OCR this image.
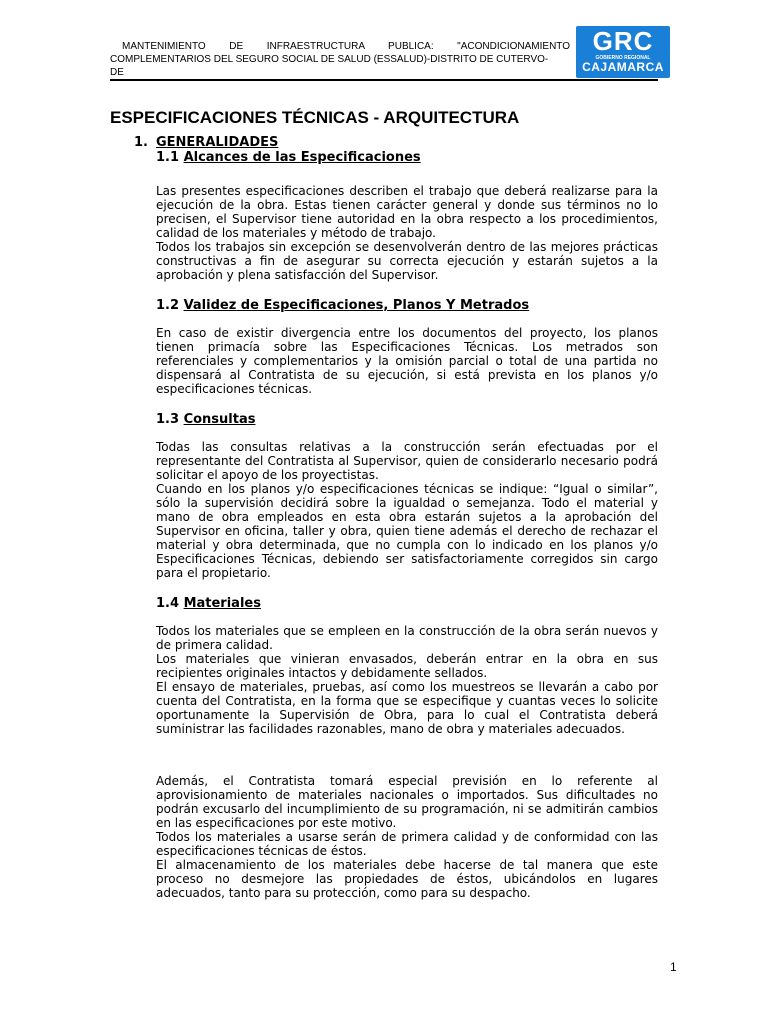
MANTENIMIENTO DE INFRAESTRUCTURA PUBLICA: "ACONDICIONAMIENTO
COMPLEMENTARIOS DEL SEGURO SOCIAL DE SALUD (ESSALUD)-DISTRITO DE CUTERVO-
DE
GRC
GOBIERNO REGIONAL
CAJAMARCA
ESPECIFICACIONES TÉCNICAS - ARQUITECTURA
1. GENERALIDADES
1.1 Alcances de las Especificaciones

Las presentes especificaciones describen el trabajo que deberá realizarse para la ejecución de la obra. Estas tienen carácter general y donde sus términos no lo precisen, el Supervisor tiene autoridad en la obra respecto a los procedimientos, calidad de los materiales y método de trabajo.

Todos los trabajos sin excepción se desenvolverán dentro de las mejores prácticas constructivas a fin de asegurar su correcta ejecución y estarán sujetos a la aprobación y plena satisfacción del Supervisor.

1.2 Validez de Especificaciones, Planos Y Metrados

En caso de existir divergencia entre los documentos del proyecto, los planos tienen primacía sobre las Especificaciones Técnicas. Los metrados son referenciales y complementarios y la omisión parcial o total de una partida no dispensará al Contratista de su ejecución, si está prevista en los planos y/o especificaciones técnicas.

1.3 Consultas

Todas las consultas relativas a la construcción serán efectuadas por el representante del Contratista al Supervisor, quien de considerarlo necesario podrá solicitar el apoyo de los proyectistas.

Cuando en los planos y/o especificaciones técnicas se indique: “Igual o similar”, sólo la supervisión decidirá sobre la igualdad o semejanza. Todo el material y mano de obra empleados en esta obra estarán sujetos a la aprobación del Supervisor en oficina, taller y obra, quien tiene además el derecho de rechazar el material y obra determinada, que no cumpla con lo indicado en los planos y/o Especificaciones Técnicas, debiendo ser satisfactoriamente corregidos sin cargo para el propietario.

1.4 Materiales

Todos los materiales que se empleen en la construcción de la obra serán nuevos y de primera calidad.

Los materiales que vinieran envasados, deberán entrar en la obra en sus recipientes originales intactos y debidamente sellados.

El ensayo de materiales, pruebas, así como los muestreos se llevarán a cabo por cuenta del Contratista, en la forma que se especifique y cuantas veces lo solicite oportunamente la Supervisión de Obra, para lo cual el Contratista deberá suministrar las facilidades razonables, mano de obra y materiales adecuados.

Además, el Contratista tomará especial previsión en lo referente al aprovisionamiento de materiales nacionales o importados. Sus dificultades no podrán excusarlo del incumplimiento de su programación, ni se admitirán cambios en las especificaciones por este motivo.

Todos los materiales a usarse serán de primera calidad y de conformidad con las especificaciones técnicas de éstos.

El almacenamiento de los materiales debe hacerse de tal manera que este proceso no desmejore las propiedades de éstos, ubicándolos en lugares adecuados, tanto para su protección, como para su despacho.

1
